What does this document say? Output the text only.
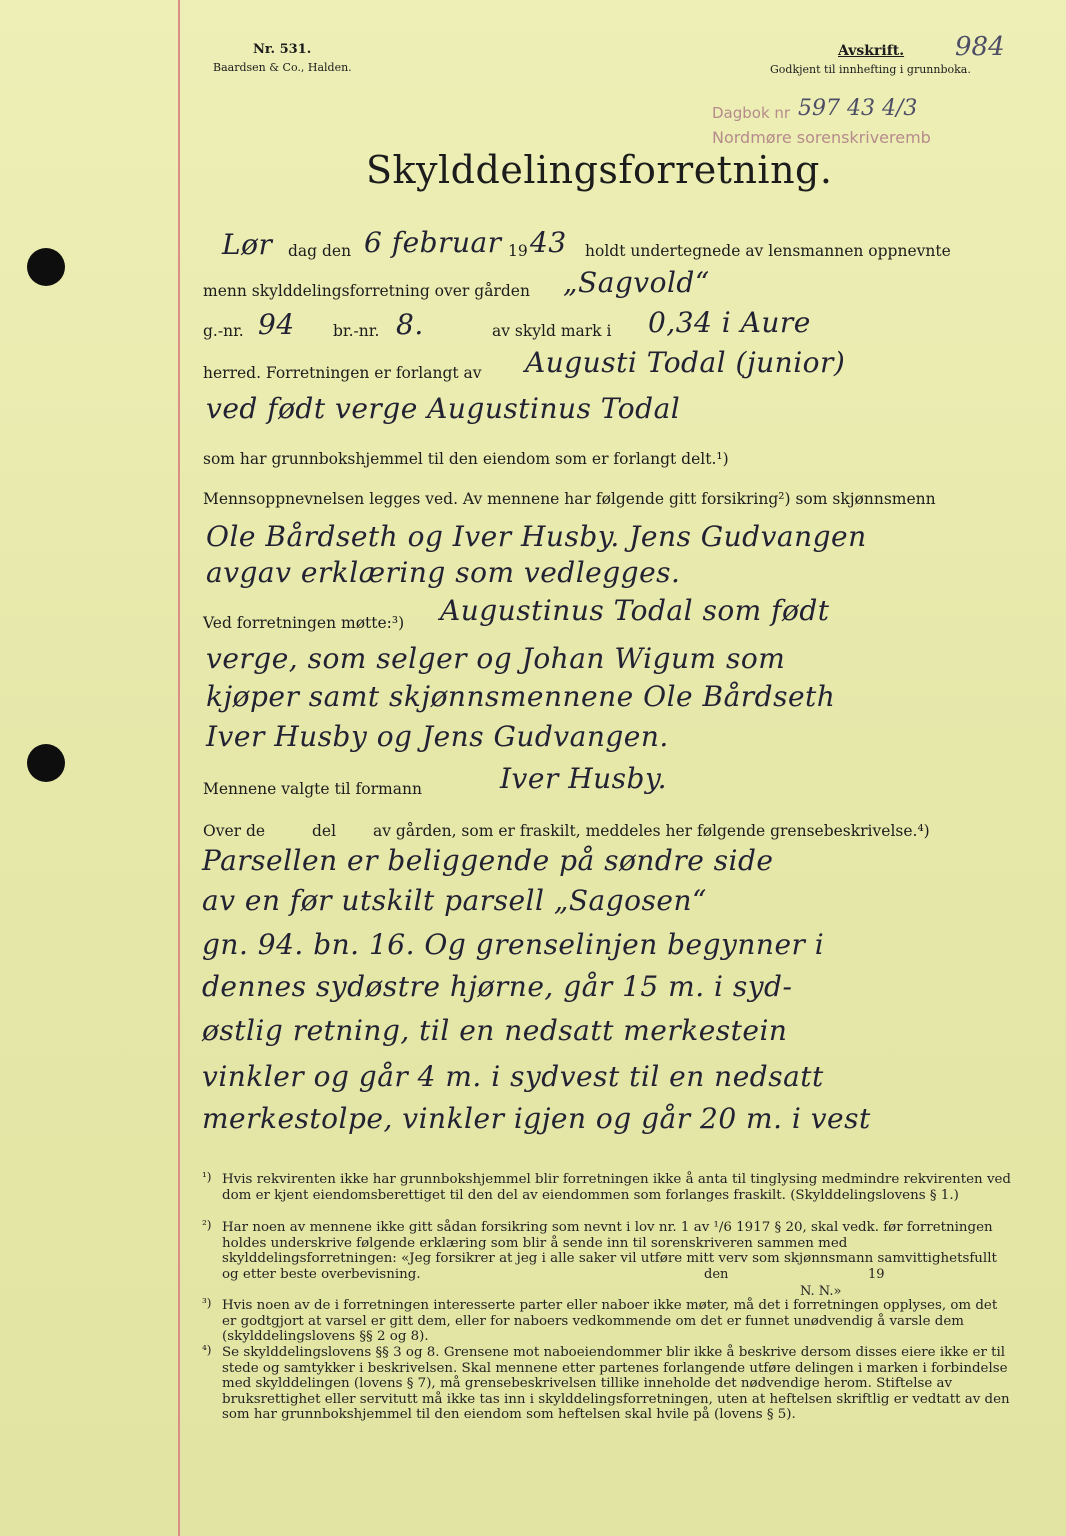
Nr. 531.
Baardsen & Co., Halden.
Avskrift.
Godkjent til innhefting i grunnboka.
984
Dagbok nr 597 43 4/3
Nordmøre sorenskriveremb
Skylddelingsforretning.
Lør dag den 6 februar 19 43 holdt undertegnede av lensmannen oppnevnte
menn skylddelingsforretning over gården „Sagvold“
g.-nr. 94 br.-nr. 8.	av skyld mark i 0,34 i Aure
herred. Forretningen er forlangt av Augusti Todal (junior)
ved født verge Augustinus Todal
som har grunnbokshjemmel til den eiendom som er forlangt delt.¹)
Mennsoppnevnelsen legges ved. Av mennene har følgende gitt forsikring²) som skjønnsmenn
Ole Bårdseth og Iver Husby. Jens Gudvangen
avgav erklæring som vedlegges.
Ved forretningen møtte:³) Augustinus Todal som født
verge, som selger og Johan Wigum som
kjøper samt skjønnsmennene Ole Bårdseth
Iver Husby og Jens Gudvangen.
Mennene valgte til formann	Iver Husby.
Over de	del av gården, som er fraskilt, meddeles her følgende grensebeskrivelse.⁴)
Parsellen er beliggende på søndre side
av en før utskilt parsell „Sagosen“
gn. 94. bn. 16. Og grenselinjen begynner i
dennes sydøstre hjørne, går 15 m. i syd-
østlig retning, til en nedsatt merkestein
vinkler og går 4 m. i sydvest til en nedsatt
merkestolpe, vinkler igjen og går 20 m. i vest
¹) Hvis rekvirenten ikke har grunnbokshjemmel blir forretningen ikke å anta til tinglysing medmindre rekvirenten ved dom er kjent eiendomsberettiget til den del av eiendommen som forlanges fraskilt. (Skylddelingslovens § 1.)
²) Har noen av mennene ikke gitt sådan forsikring som nevnt i lov nr. 1 av ¹/6 1917 § 20, skal vedk. før forretningen holdes underskrive følgende erklæring som blir å sende inn til sorenskriveren sammen med skylddelingsforretningen: «Jeg forsikrer at jeg i alle saker vil utføre mitt verv som skjønnsmann samvittighetsfullt og etter beste overbevisning.	den	19
N. N.»
³) Hvis noen av de i forretningen interesserte parter eller naboer ikke møter, må det i forretningen opplyses, om det er godtgjort at varsel er gitt dem, eller for naboers vedkommende om det er funnet unødvendig å varsle dem (skylddelingslovens §§ 2 og 8).
⁴) Se skylddelingslovens §§ 3 og 8. Grensene mot naboeiendommer blir ikke å beskrive dersom disses eiere ikke er til stede og samtykker i beskrivelsen. Skal mennene etter partenes forlangende utføre delingen i marken i forbindelse med skylddelingen (lovens § 7), må grensebeskrivelsen tillike inneholde det nødvendige herom. Stiftelse av bruksrettighet eller servitutt må ikke tas inn i skylddelingsforretningen, uten at heftelsen skriftlig er vedtatt av den som har grunnbokshjemmel til den eiendom som heftelsen skal hvile på (lovens § 5).
